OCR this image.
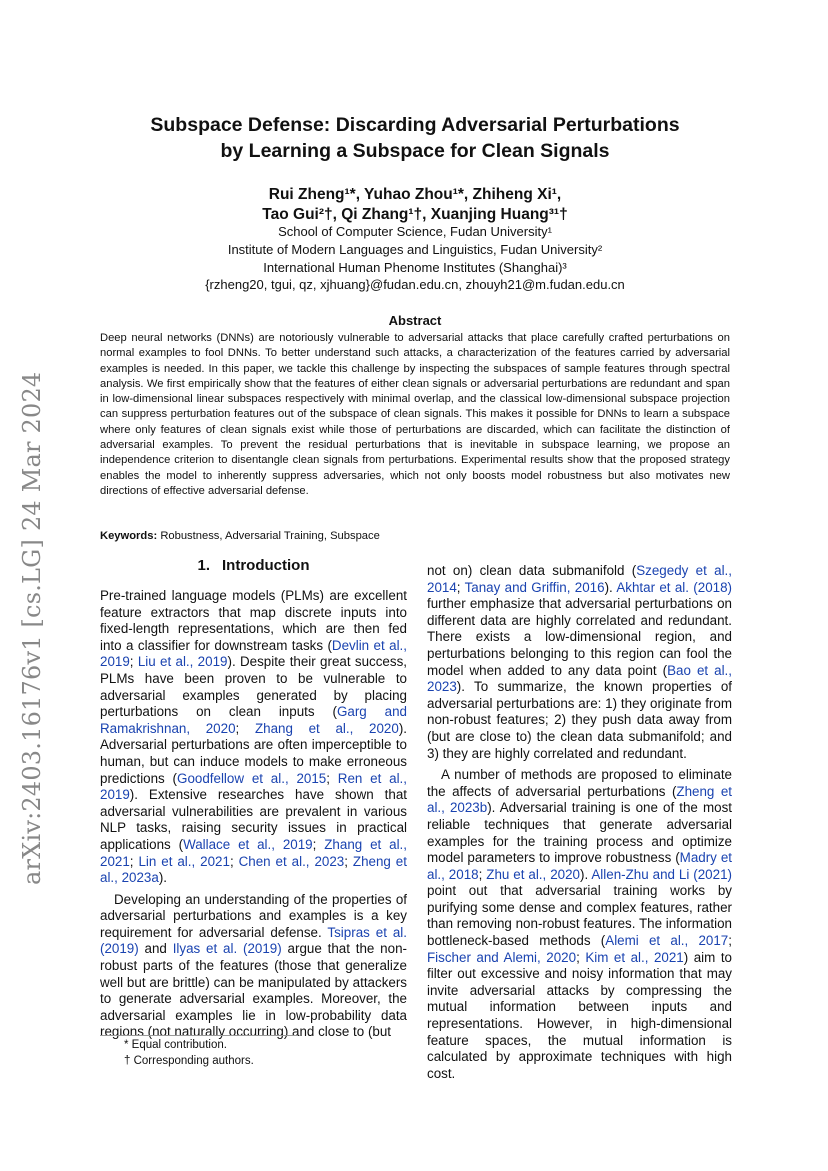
arXiv:2403.16176v1 [cs.LG] 24 Mar 2024
Subspace Defense: Discarding Adversarial Perturbations
by Learning a Subspace for Clean Signals
Rui Zheng¹*, Yuhao Zhou¹*, Zhiheng Xi¹,
Tao Gui²†, Qi Zhang¹†, Xuanjing Huang³¹†
School of Computer Science, Fudan University¹
Institute of Modern Languages and Linguistics, Fudan University²
International Human Phenome Institutes (Shanghai)³
{rzheng20, tgui, qz, xjhuang}@fudan.edu.cn, zhouyh21@m.fudan.edu.cn
Abstract
Deep neural networks (DNNs) are notoriously vulnerable to adversarial attacks that place carefully crafted perturbations on normal examples to fool DNNs. To better understand such attacks, a characterization of the features carried by adversarial examples is needed. In this paper, we tackle this challenge by inspecting the subspaces of sample features through spectral analysis. We first empirically show that the features of either clean signals or adversarial perturbations are redundant and span in low-dimensional linear subspaces respectively with minimal overlap, and the classical low-dimensional subspace projection can suppress perturbation features out of the subspace of clean signals. This makes it possible for DNNs to learn a subspace where only features of clean signals exist while those of perturbations are discarded, which can facilitate the distinction of adversarial examples. To prevent the residual perturbations that is inevitable in subspace learning, we propose an independence criterion to disentangle clean signals from perturbations. Experimental results show that the proposed strategy enables the model to inherently suppress adversaries, which not only boosts model robustness but also motivates new directions of effective adversarial defense.
Keywords: Robustness, Adversarial Training, Subspace
1. Introduction

Pre-trained language models (PLMs) are excellent feature extractors that map discrete inputs into fixed-length representations, which are then fed into a classifier for downstream tasks (Devlin et al., 2019; Liu et al., 2019). Despite their great success, PLMs have been proven to be vulnerable to adversarial examples generated by placing perturbations on clean inputs (Garg and Ramakrishnan, 2020; Zhang et al., 2020). Adversarial perturbations are often imperceptible to human, but can induce models to make erroneous predictions (Goodfellow et al., 2015; Ren et al., 2019). Extensive researches have shown that adversarial vulnerabilities are prevalent in various NLP tasks, raising security issues in practical applications (Wallace et al., 2019; Zhang et al., 2021; Lin et al., 2021; Chen et al., 2023; Zheng et al., 2023a).

Developing an understanding of the properties of adversarial perturbations and examples is a key requirement for adversarial defense. Tsipras et al. (2019) and Ilyas et al. (2019) argue that the non-robust parts of the features (those that generalize well but are brittle) can be manipulated by attackers to generate adversarial examples. Moreover, the adversarial examples lie in low-probability data regions (not naturally occurring) and close to (but

not on) clean data submanifold (Szegedy et al., 2014; Tanay and Griffin, 2016). Akhtar et al. (2018) further emphasize that adversarial perturbations on different data are highly correlated and redundant. There exists a low-dimensional region, and perturbations belonging to this region can fool the model when added to any data point (Bao et al., 2023). To summarize, the known properties of adversarial perturbations are: 1) they originate from non-robust features; 2) they push data away from (but are close to) the clean data submanifold; and 3) they are highly correlated and redundant.

A number of methods are proposed to eliminate the affects of adversarial perturbations (Zheng et al., 2023b). Adversarial training is one of the most reliable techniques that generate adversarial examples for the training process and optimize model parameters to improve robustness (Madry et al., 2018; Zhu et al., 2020). Allen-Zhu and Li (2021) point out that adversarial training works by purifying some dense and complex features, rather than removing non-robust features. The information bottleneck-based methods (Alemi et al., 2017; Fischer and Alemi, 2020; Kim et al., 2021) aim to filter out excessive and noisy information that may invite adversarial attacks by compressing the mutual information between inputs and representations. However, in high-dimensional feature spaces, the mutual information is calculated by approximate techniques with high cost.

* Equal contribution.
† Corresponding authors.
